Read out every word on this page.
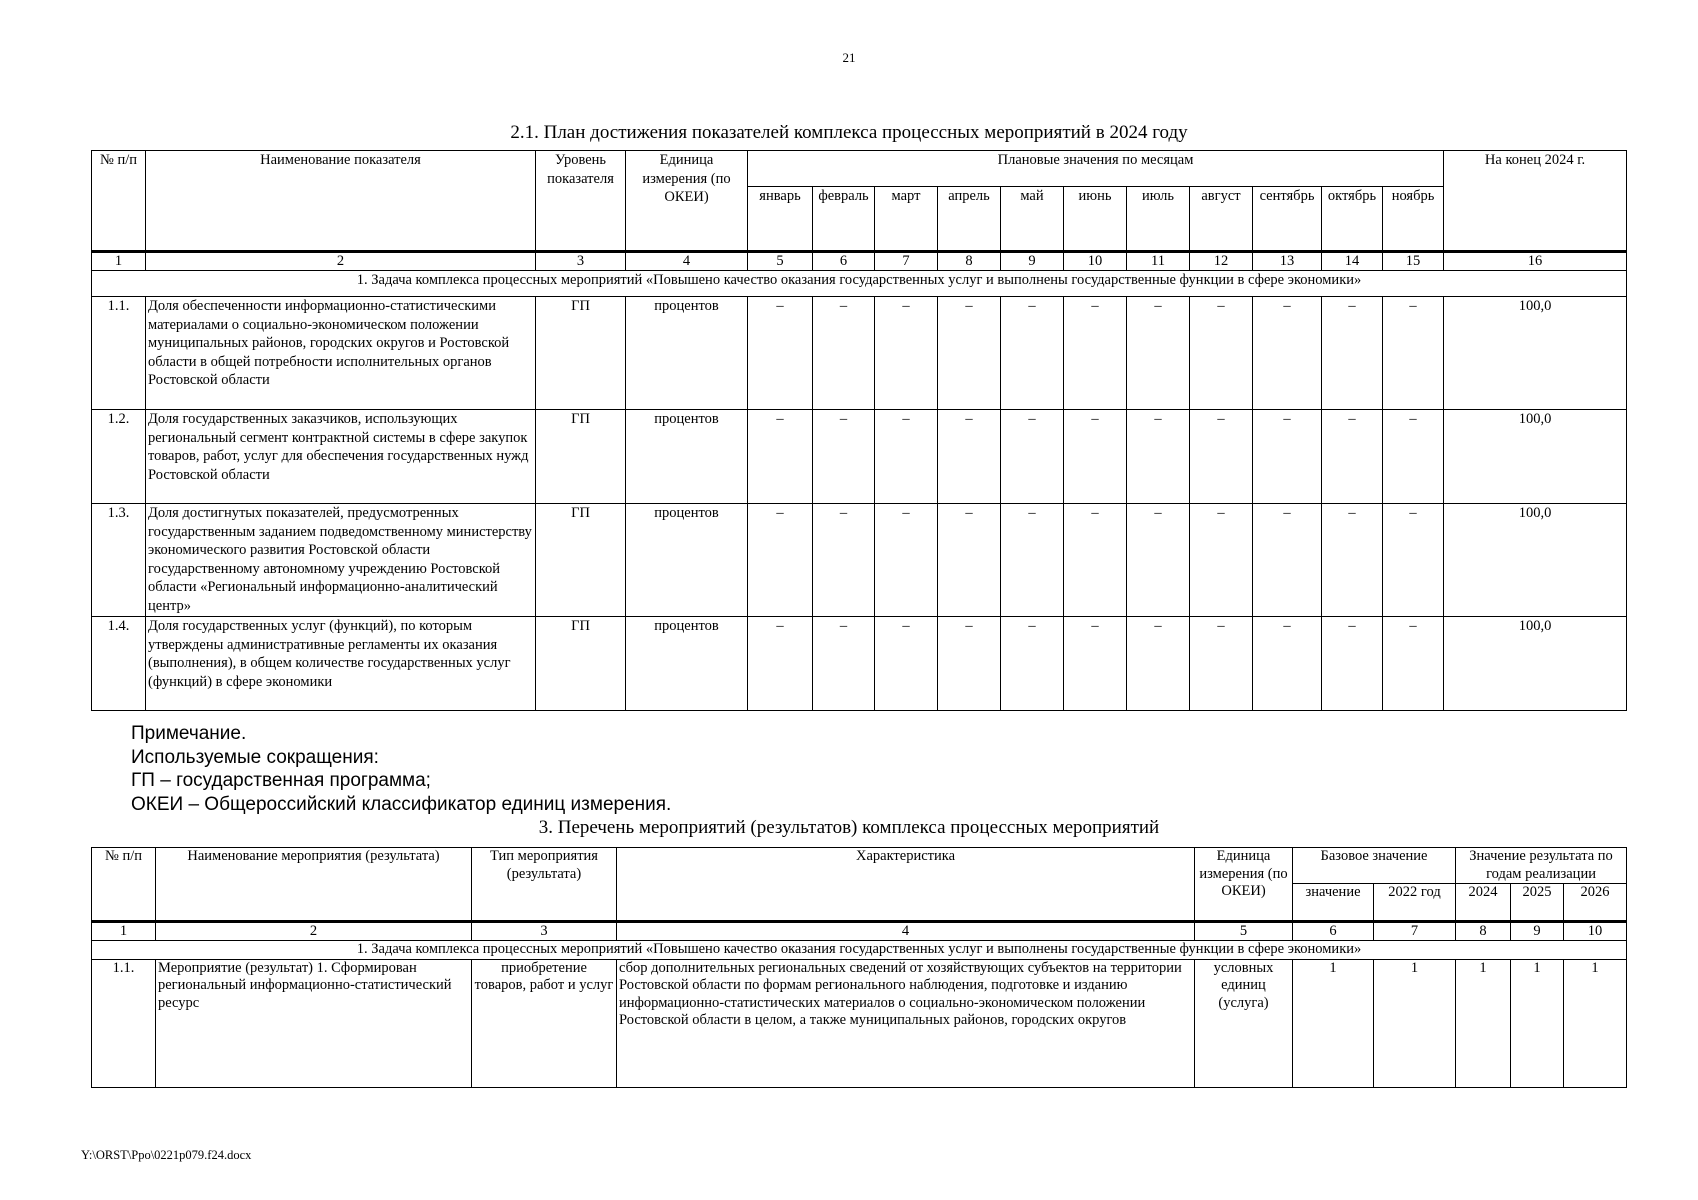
21
2.1. План достижения показателей комплекса процессных мероприятий в 2024 году
№ п/п	Наименование показателя	Уровень показателя	Единица измерения (по ОКЕИ)	Плановые значения по месяцам											На конец 2024 г.
				январь	февраль	март	апрель	май	июнь	июль	август	сентябрь	октябрь	ноябрь	
1	2	3	4	5	6	7	8	9	10	11	12	13	14	15	16
1. Задача комплекса процессных мероприятий «Повышено качество оказания государственных услуг и выполнены государственные функции в сфере экономики»															
1.1.	Доля обеспеченности информационно-статистическими материалами о социально-экономическом положении муниципальных районов, городских округов и Ростовской области в общей потребности исполнительных органов Ростовской области	ГП	процентов	–	–	–	–	–	–	–	–	–	–	–	100,0
1.2.	Доля государственных заказчиков, использующих региональный сегмент контрактной системы в сфере закупок товаров, работ, услуг для обеспечения государственных нужд Ростовской области	ГП	процентов	–	–	–	–	–	–	–	–	–	–	–	100,0
1.3.	Доля достигнутых показателей, предусмотренных государственным заданием подведомственному министерству экономического развития Ростовской области государственному автономному учреждению Ростовской области «Региональный информационно-аналитический центр»	ГП	процентов	–	–	–	–	–	–	–	–	–	–	–	100,0
1.4.	Доля государственных услуг (функций), по которым утверждены административные регламенты их оказания (выполнения), в общем количестве государственных услуг (функций) в сфере экономики	ГП	процентов	–	–	–	–	–	–	–	–	–	–	–	100,0
Примечание.
Используемые сокращения:
ГП – государственная программа;
ОКЕИ – Общероссийский классификатор единиц измерения.
3. Перечень мероприятий (результатов) комплекса процессных мероприятий
№ п/п	Наименование мероприятия (результата)	Тип мероприятия (результата)	Характеристика	Единица измерения (по ОКЕИ)	Базовое значение		Значение результата по годам реализации		

					значение	2022 год	2024	2025	2026
1	2	3	4	5	6	7	8	9	10
1. Задача комплекса процессных мероприятий «Повышено качество оказания государственных услуг и выполнены государственные функции в сфере экономики»									
1.1.	Мероприятие (результат) 1. Сформирован региональный информационно-статистический ресурс	приобретение товаров, работ и услуг	сбор дополнительных региональных сведений от хозяйствующих субъектов на территории Ростовской области по формам регионального наблюдения, подготовке и изданию информационно-статистических материалов о социально-экономическом положении Ростовской области в целом, а также муниципальных районов, городских округов	условных единиц (услуга)	1	1	1	1	1
Y:\ORST\Ppo\0221p079.f24.docx
